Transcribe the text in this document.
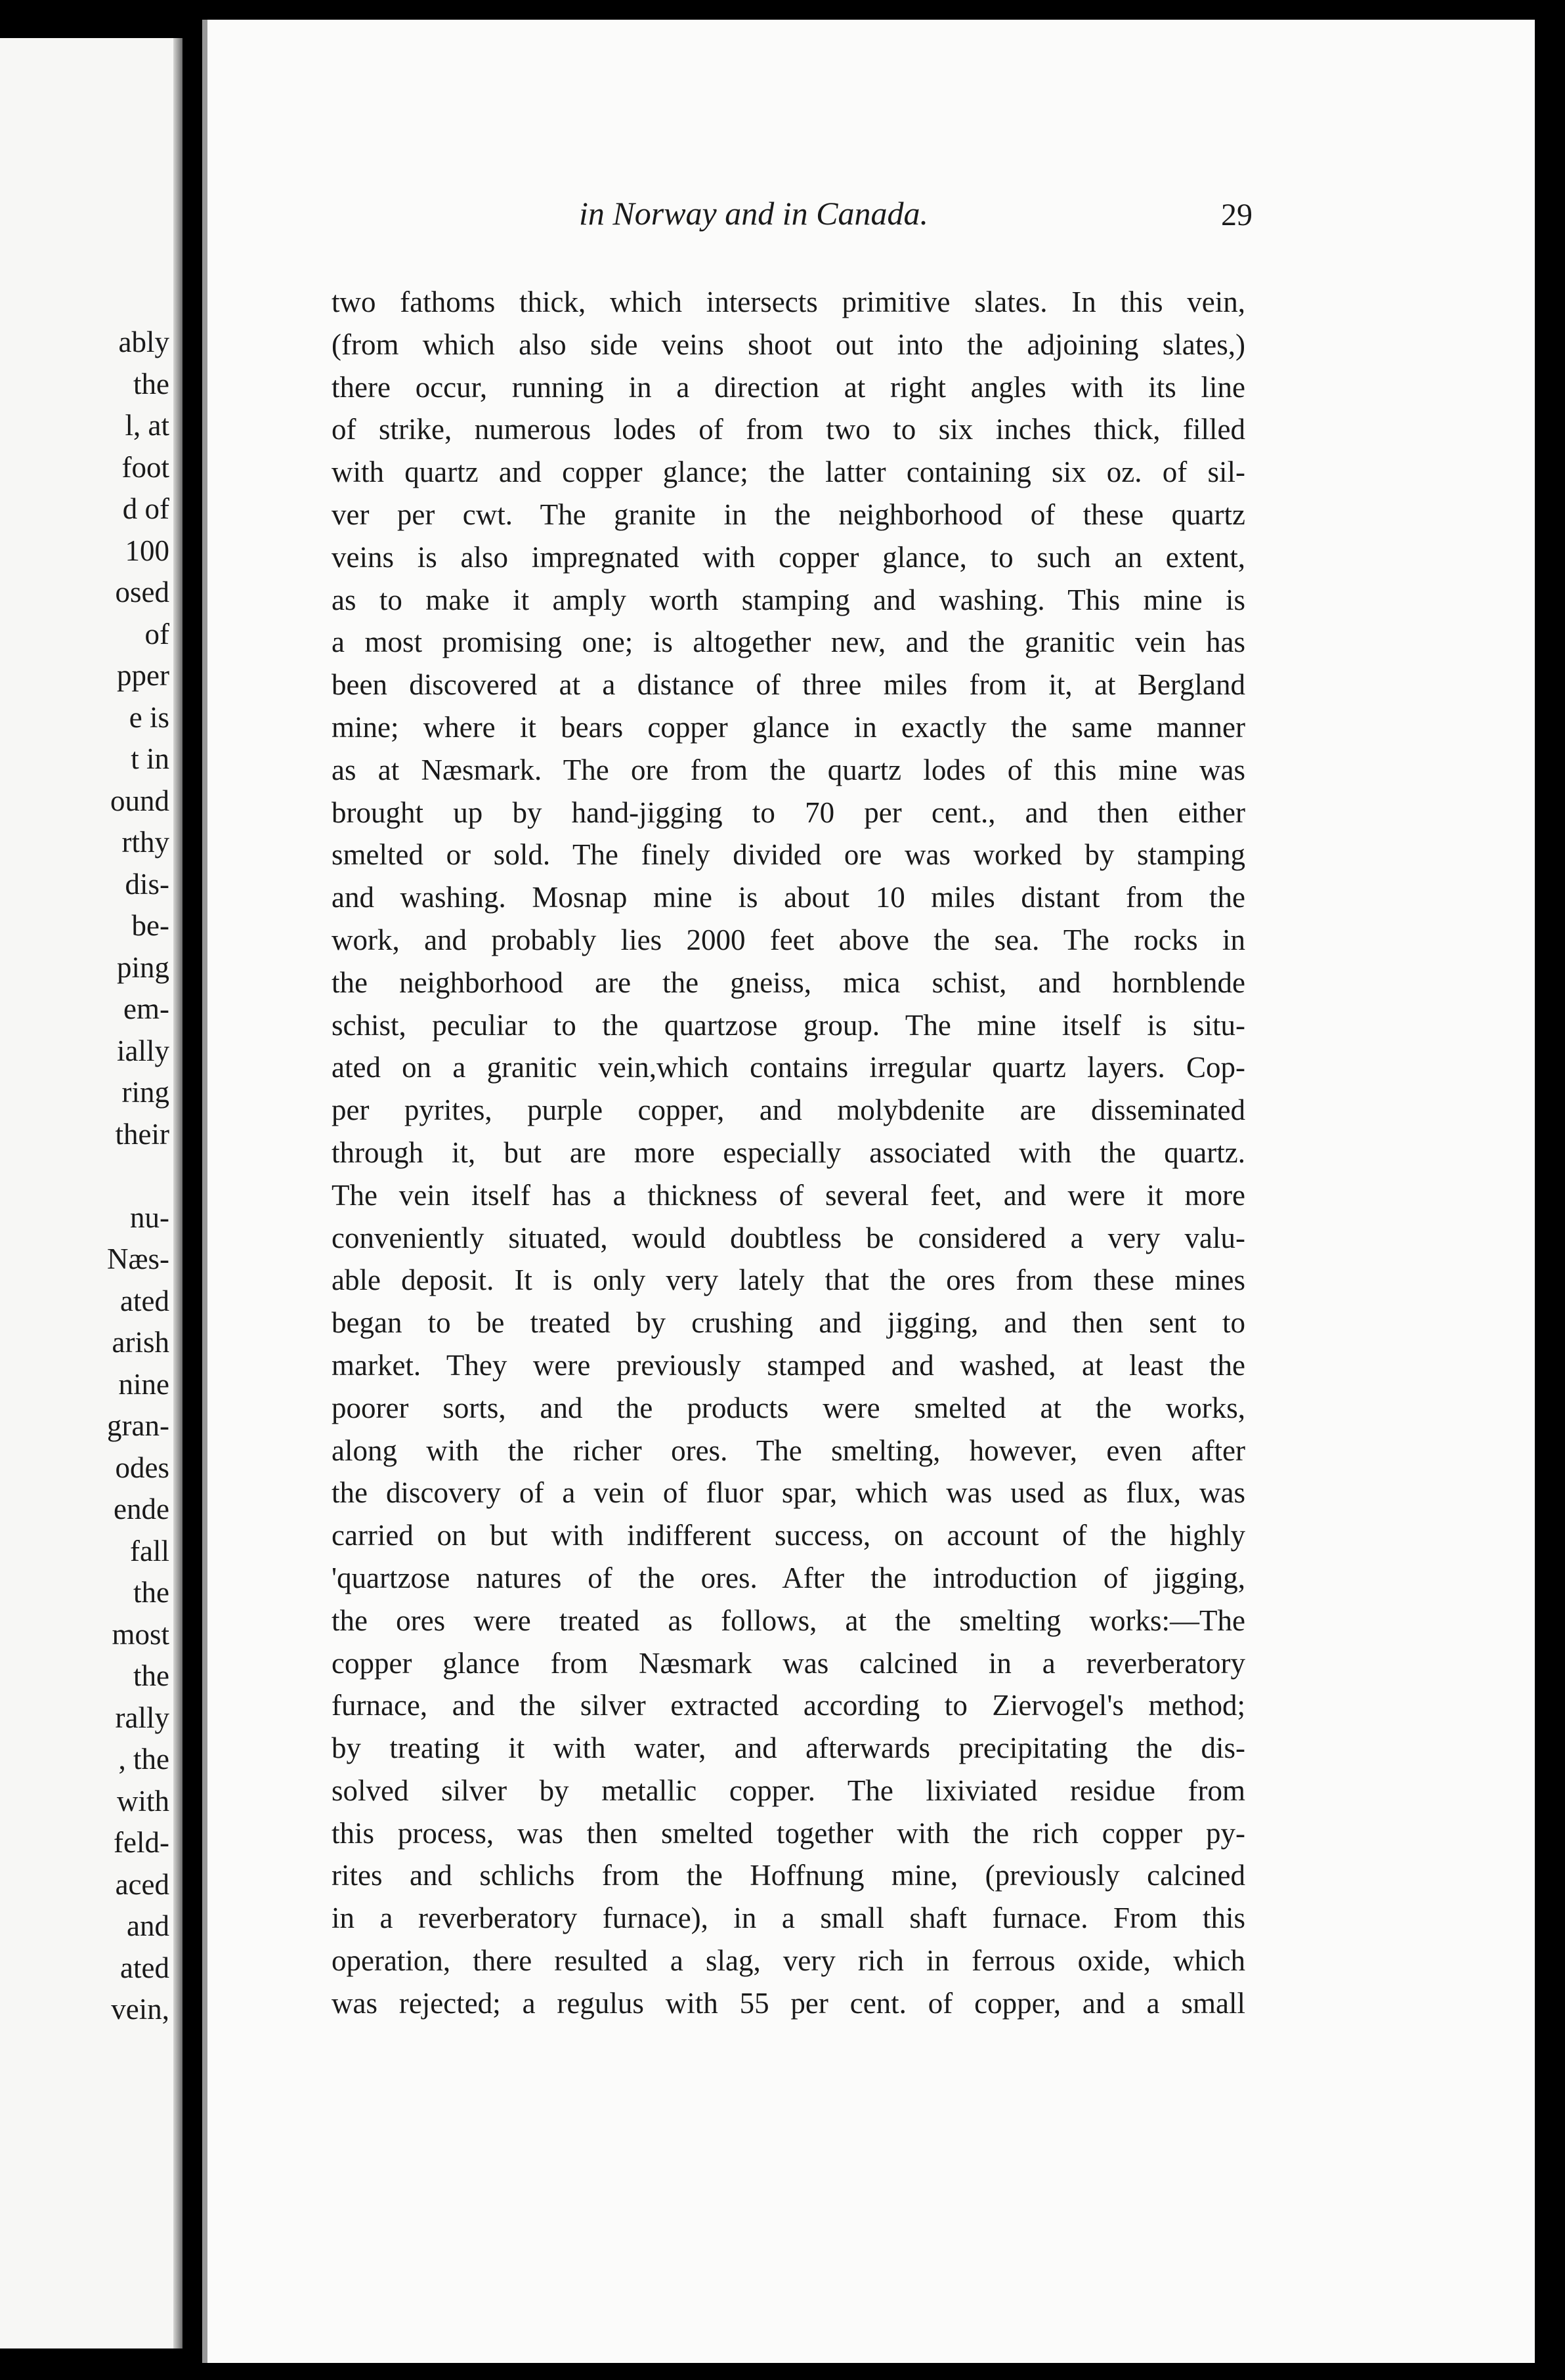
ably
the
l, at
foot
d of
100
osed
of
pper
e is
t in
ound
rthy
dis-
be-
ping
em-
ially
ring
their
nu-
Næs-
ated
arish
nine
gran-
odes
ende
fall
the
most
the
rally
, the
with
feld-
aced
and
ated
vein,
in Norway and in Canada.	29
two fathoms thick, which intersects primitive slates. In this vein,
(from which also side veins shoot out into the adjoining slates,)
there occur, running in a direction at right angles with its line
of strike, numerous lodes of from two to six inches thick, filled
with quartz and copper glance; the latter containing six oz. of sil-
ver per cwt. The granite in the neighborhood of these quartz
veins is also impregnated with copper glance, to such an extent,
as to make it amply worth stamping and washing. This mine is
a most promising one; is altogether new, and the granitic vein has
been discovered at a distance of three miles from it, at Bergland
mine; where it bears copper glance in exactly the same manner
as at Næsmark. The ore from the quartz lodes of this mine was
brought up by hand-jigging to 70 per cent., and then either
smelted or sold. The finely divided ore was worked by stamping
and washing. Mosnap mine is about 10 miles distant from the
work, and probably lies 2000 feet above the sea. The rocks in
the neighborhood are the gneiss, mica schist, and hornblende
schist, peculiar to the quartzose group. The mine itself is situ-
ated on a granitic vein,which contains irregular quartz layers. Cop-
per pyrites, purple copper, and molybdenite are disseminated
through it, but are more especially associated with the quartz.
The vein itself has a thickness of several feet, and were it more
conveniently situated, would doubtless be considered a very valu-
able deposit. It is only very lately that the ores from these mines
began to be treated by crushing and jigging, and then sent to
market. They were previously stamped and washed, at least the
poorer sorts, and the products were smelted at the works,
along with the richer ores. The smelting, however, even after
the discovery of a vein of fluor spar, which was used as flux, was
carried on but with indifferent success, on account of the highly
'quartzose natures of the ores. After the introduction of jigging,
the ores were treated as follows, at the smelting works:—The
copper glance from Næsmark was calcined in a reverberatory
furnace, and the silver extracted according to Ziervogel's method;
by treating it with water, and afterwards precipitating the dis-
solved silver by metallic copper. The lixiviated residue from
this process, was then smelted together with the rich copper py-
rites and schlichs from the Hoffnung mine, (previously calcined
in a reverberatory furnace), in a small shaft furnace. From this
operation, there resulted a slag, very rich in ferrous oxide, which
was rejected; a regulus with 55 per cent. of copper, and a small
